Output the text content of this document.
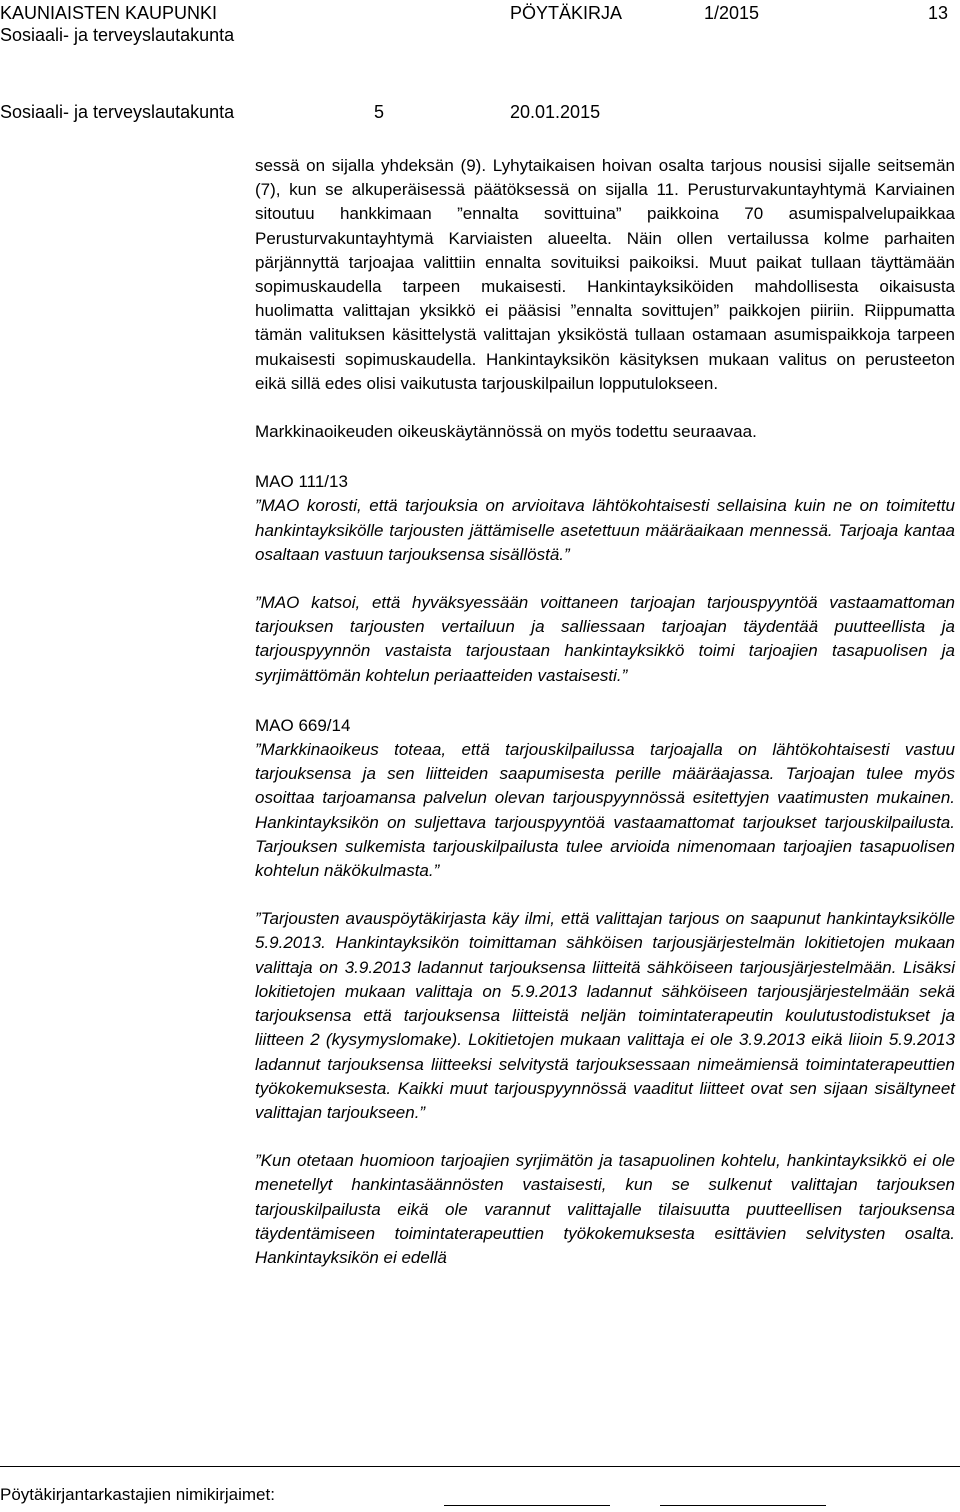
KAUNIAISTEN KAUPUNKI
Sosiaali- ja terveyslautakunta
PÖYTÄKIRJA	1/2015	13
Sosiaali- ja terveyslautakunta	5	20.01.2015

sessä on sijalla yhdeksän (9). Lyhytaikaisen hoivan osalta tarjous nousisi sijalle seitsemän (7), kun se alkuperäisessä päätöksessä on sijalla 11. Perusturvakuntayhtymä Karviainen sitoutuu hankkimaan ”ennalta sovittuina” paikkoina 70 asumispalvelupaikkaa Perusturvakuntayhtymä Karviaisten alueelta. Näin ollen vertailussa kolme parhaiten pärjännyttä tarjoajaa valittiin ennalta sovituiksi paikoiksi. Muut paikat tullaan täyttämään sopimuskaudella tarpeen mukaisesti. Hankintayksiköiden mahdollisesta oikaisusta huolimatta valittajan yksikkö ei pääsisi ”ennalta sovittujen” paikkojen piiriin. Riippumatta tämän valituksen käsittelystä valittajan yksiköstä tullaan ostamaan asumispaikkoja tarpeen mukaisesti sopimuskaudella. Hankintayksikön käsityksen mukaan valitus on perusteeton eikä sillä edes olisi vaikutusta tarjouskilpailun lopputulokseen.

Markkinaoikeuden oikeuskäytännössä on myös todettu seuraavaa.

MAO 111/13

”MAO korosti, että tarjouksia on arvioitava lähtökohtaisesti sellaisina kuin ne on toimitettu hankintayksikölle tarjousten jättämiselle asetettuun määräaikaan mennessä. Tarjoaja kantaa osaltaan vastuun tarjouksensa sisällöstä.”

”MAO katsoi, että hyväksyessään voittaneen tarjoajan tarjouspyyntöä vastaamattoman tarjouksen tarjousten vertailuun ja salliessaan tarjoajan täydentää puutteellista ja tarjouspyynnön vastaista tarjoustaan hankintayksikkö toimi tarjoajien tasapuolisen ja syrjimättömän kohtelun periaatteiden vastaisesti.”

MAO 669/14

”Markkinaoikeus toteaa, että tarjouskilpailussa tarjoajalla on lähtökohtaisesti vastuu tarjouksensa ja sen liitteiden saapumisesta perille määräajassa. Tarjoajan tulee myös osoittaa tarjoamansa palvelun olevan tarjouspyynnössä esitettyjen vaatimusten mukainen. Hankintayksikön on suljettava tarjouspyyntöä vastaamattomat tarjoukset tarjouskilpailusta. Tarjouksen sulkemista tarjouskilpailusta tulee arvioida nimenomaan tarjoajien tasapuolisen kohtelun näkökulmasta.”

”Tarjousten avauspöytäkirjasta käy ilmi, että valittajan tarjous on saapunut hankintayksikölle 5.9.2013. Hankintayksikön toimittaman sähköisen tarjousjärjestelmän lokitietojen mukaan valittaja on 3.9.2013 ladannut tarjouksensa liitteitä sähköiseen tarjousjärjestelmään. Lisäksi lokitietojen mukaan valittaja on 5.9.2013 ladannut sähköiseen tarjousjärjestelmään sekä tarjouksensa että tarjouksensa liitteistä neljän toimintaterapeutin koulutustodistukset ja liitteen 2 (kysymyslomake). Lokitietojen mukaan valittaja ei ole 3.9.2013 eikä liioin 5.9.2013 ladannut tarjouksensa liitteeksi selvitystä tarjouksessaan nimeämiensä toimintaterapeuttien työkokemuksesta. Kaikki muut tarjouspyynnössä vaaditut liitteet ovat sen sijaan sisältyneet valittajan tarjoukseen.”

”Kun otetaan huomioon tarjoajien syrjimätön ja tasapuolinen kohtelu, hankintayksikkö ei ole menetellyt hankintasäännösten vastaisesti, kun se sulkenut valittajan tarjouksen tarjouskilpailusta eikä ole varannut valittajalle tilaisuutta puutteellisen tarjouksensa täydentämiseen toimintaterapeuttien työkokemuksesta esittävien selvitysten osalta. Hankintayksikön ei edellä

Pöytäkirjantarkastajien nimikirjaimet:
